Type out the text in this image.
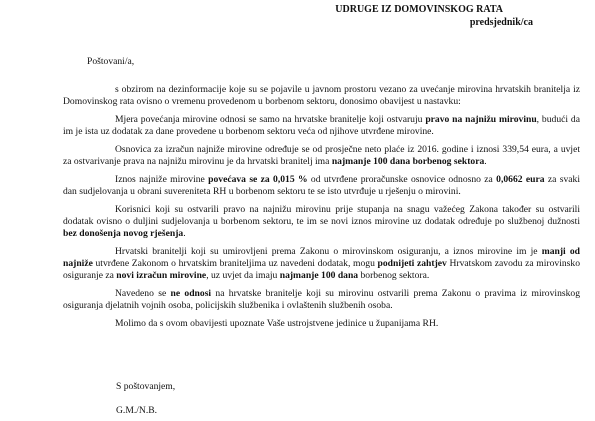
UDRUGE IZ DOMOVINSKOG RATA
predsjednik/ca
Poštovani/a,

s obzirom na dezinformacije koje su se pojavile u javnom prostoru vezano za uvećanje mirovina hrvatskih branitelja iz Domovinskog rata ovisno o vremenu provedenom u borbenom sektoru, donosimo obavijest u nastavku:

Mjera povećanja mirovine odnosi se samo na hrvatske branitelje koji ostvaruju pravo na najnižu mirovinu, budući da im je ista uz dodatak za dane provedene u borbenom sektoru veća od njihove utvrđene mirovine.

Osnovica za izračun najniže mirovine određuje se od prosječne neto plaće iz 2016. godine i iznosi 339,54 eura, a uvjet za ostvarivanje prava na najnižu mirovinu je da hrvatski branitelj ima najmanje 100 dana borbenog sektora.

Iznos najniže mirovine povećava se za 0,015 % od utvrđene proračunske osnovice odnosno za 0,0662 eura za svaki dan sudjelovanja u obrani suvereniteta RH u borbenom sektoru te se isto utvrđuje u rješenju o mirovini.

Korisnici koji su ostvarili pravo na najnižu mirovinu prije stupanja na snagu važećeg Zakona također su ostvarili dodatak ovisno o duljini sudjelovanja u borbenom sektoru, te im se novi iznos mirovine uz dodatak određuje po službenoj dužnosti bez donošenja novog rješenja.

Hrvatski branitelji koji su umirovljeni prema Zakonu o mirovinskom osiguranju, a iznos mirovine im je manji od najniže utvrđene Zakonom o hrvatskim braniteljima uz navedeni dodatak, mogu podnijeti zahtjev Hrvatskom zavodu za mirovinsko osiguranje za novi izračun mirovine, uz uvjet da imaju najmanje 100 dana borbenog sektora.

Navedeno se ne odnosi na hrvatske branitelje koji su mirovinu ostvarili prema Zakonu o pravima iz mirovinskog osiguranja djelatnih vojnih osoba, policijskih službenika i ovlaštenih službenih osoba.

Molimo da s ovom obavijesti upoznate Vaše ustrojstvene jedinice u županijama RH.

S poštovanjem,
G.M./N.B.
